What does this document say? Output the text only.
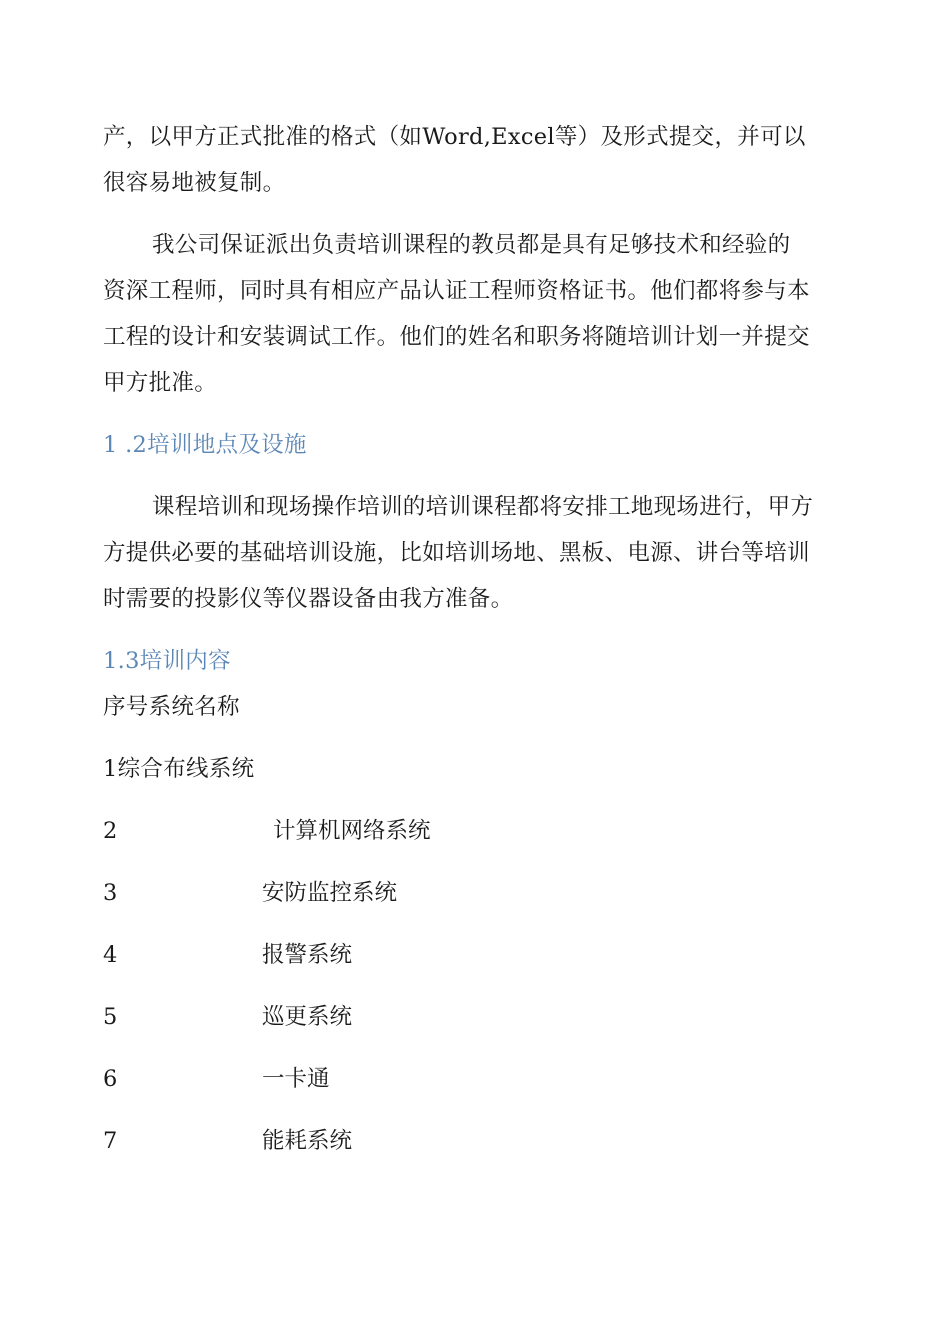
产，以甲方正式批准的格式（如Word,Excel等）及形式提交，并可以
很容易地被复制。
我公司保证派出负责培训课程的教员都是具有足够技术和经验的
资深工程师，同时具有相应产品认证工程师资格证书。他们都将参与本
工程的设计和安装调试工作。他们的姓名和职务将随培训计划一并提交
甲方批准。
1 .2培训地点及设施
课程培训和现场操作培训的培训课程都将安排工地现场进行，甲方
方提供必要的基础培训设施，比如培训场地、黑板、电源、讲台等培训
时需要的投影仪等仪器设备由我方准备。
1.3培训内容
序号系统名称
1综合布线系统
2	计算机网络系统
3	安防监控系统
4	报警系统
5	巡更系统
6	一卡通
7	能耗系统
